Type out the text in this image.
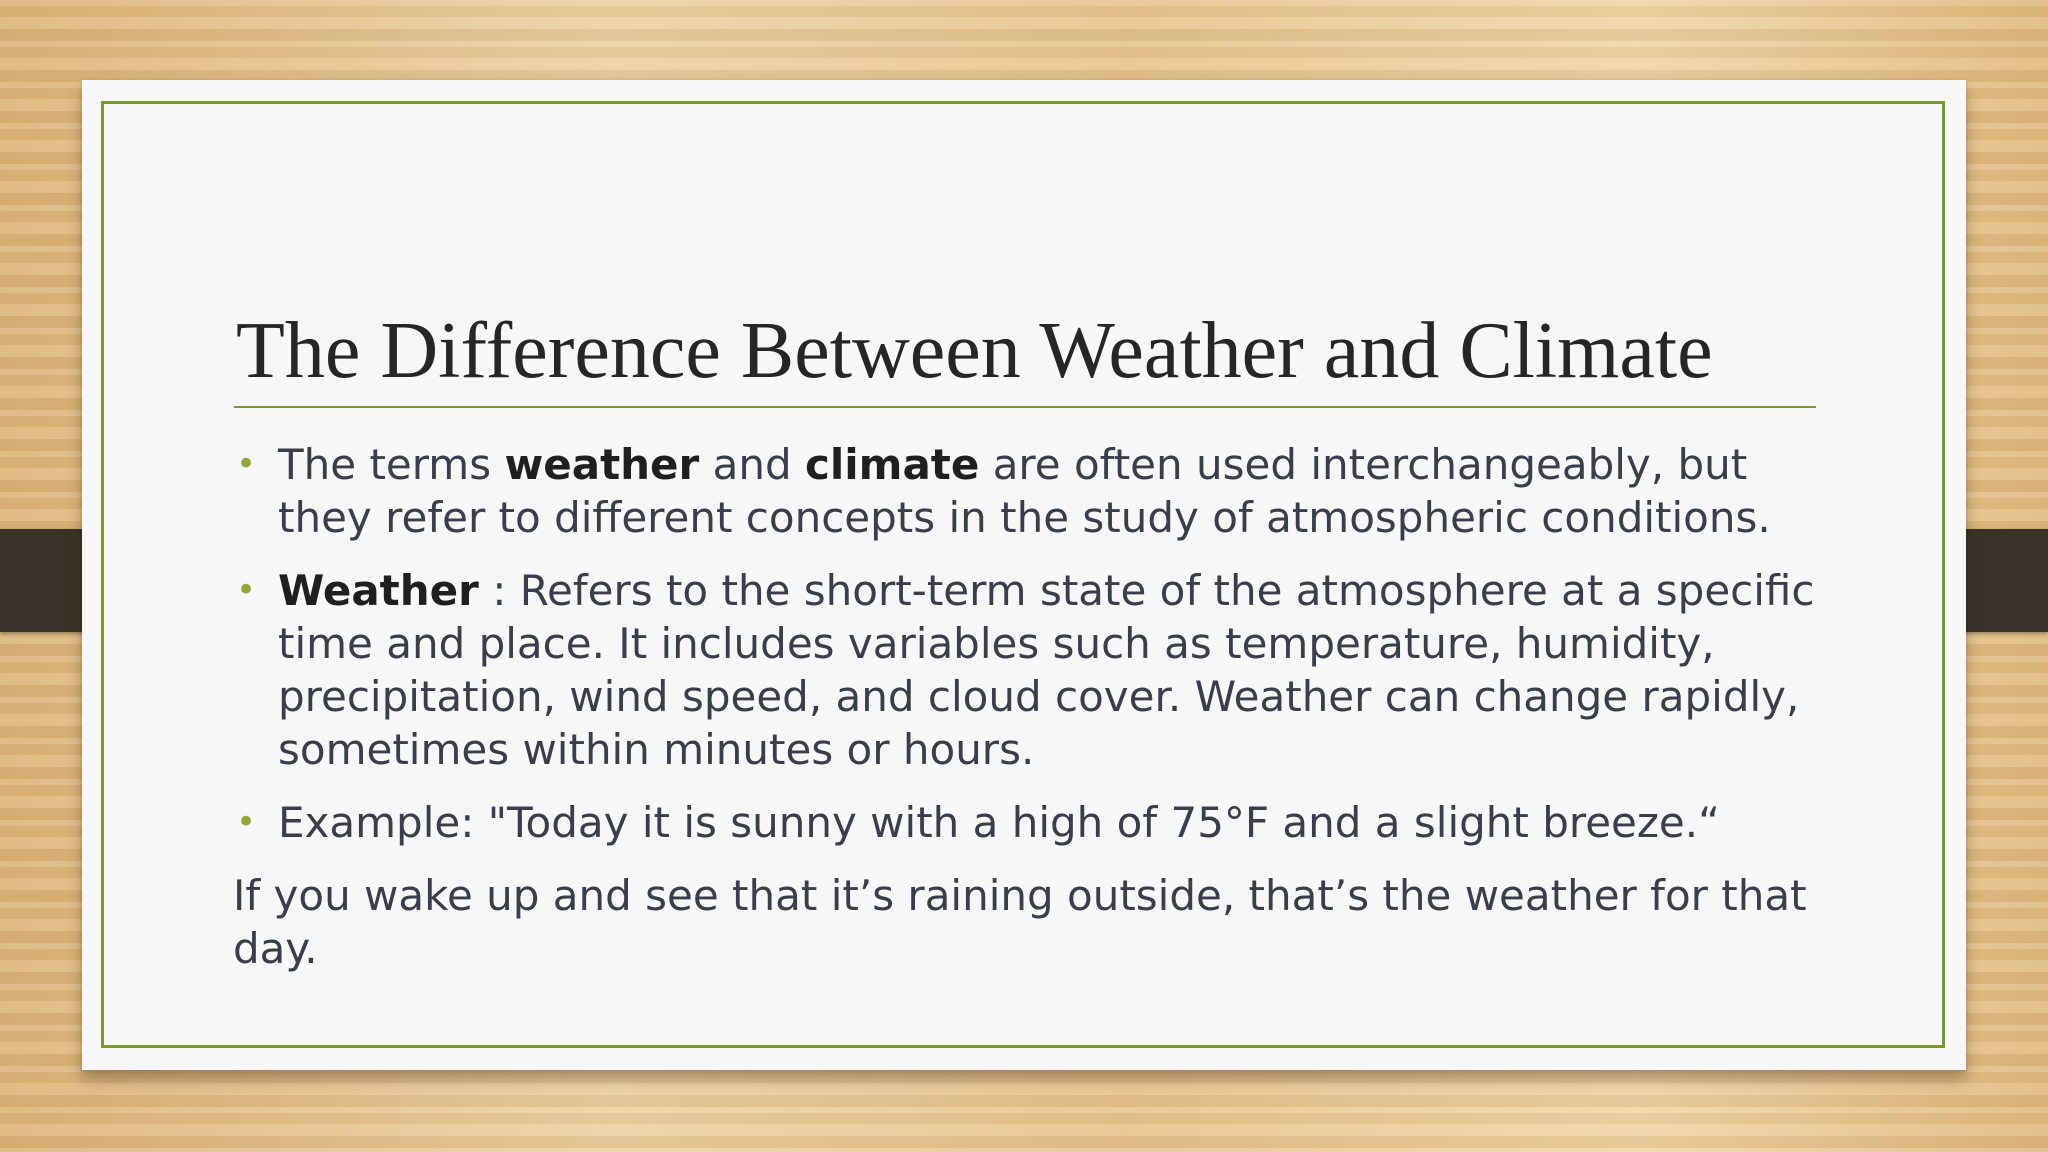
The Difference Between Weather and Climate
• The terms weather and climate are often used interchangeably, but they refer to different concepts in the study of atmospheric conditions.
• Weather : Refers to the short-term state of the atmosphere at a specific time and place. It includes variables such as temperature, humidity, precipitation, wind speed, and cloud cover. Weather can change rapidly, sometimes within minutes or hours.
• Example: "Today it is sunny with a high of 75°F and a slight breeze.“
If you wake up and see that it’s raining outside, that’s the weather for that day.
